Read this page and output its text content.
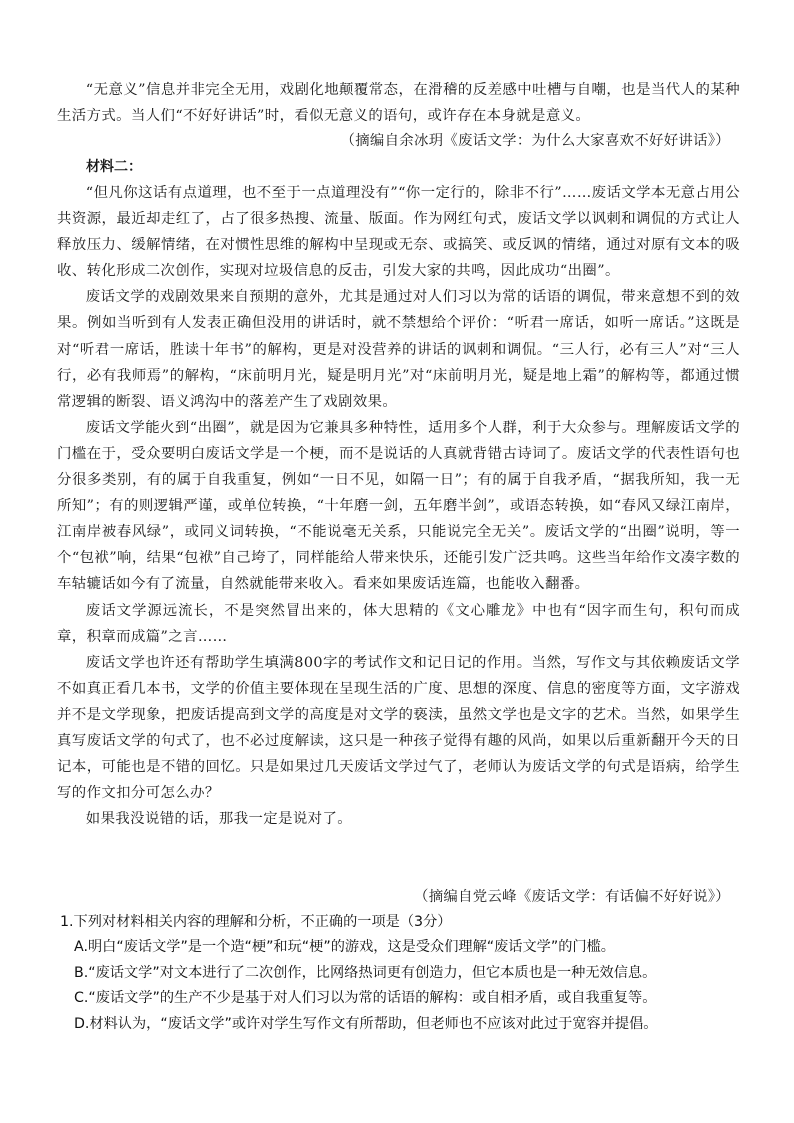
“无意义”信息并非完全无用，戏剧化地颠覆常态，在滑稽的反差感中吐槽与自嘲，也是当代人的某种生活方式。当人们“不好好讲话”时，看似无意义的语句，或许存在本身就是意义。

（摘编自余冰玥《废话文学：为什么大家喜欢不好好讲话》）

材料二：

“但凡你这话有点道理，也不至于一点道理没有”“你一定行的，除非不行”……废话文学本无意占用公共资源，最近却走红了，占了很多热搜、流量、版面。作为网红句式，废话文学以讽刺和调侃的方式让人释放压力、缓解情绪，在对惯性思维的解构中呈现或无奈、或搞笑、或反讽的情绪，通过对原有文本的吸收、转化形成二次创作，实现对垃圾信息的反击，引发大家的共鸣，因此成功“出圈”。

废话文学的戏剧效果来自预期的意外，尤其是通过对人们习以为常的话语的调侃，带来意想不到的效果。例如当听到有人发表正确但没用的讲话时，就不禁想给个评价：“听君一席话，如听一席话。”这既是对“听君一席话，胜读十年书”的解构，更是对没营养的讲话的讽刺和调侃。“三人行，必有三人”对“三人行，必有我师焉”的解构，“床前明月光，疑是明月光”对“床前明月光，疑是地上霜”的解构等，都通过惯常逻辑的断裂、语义鸿沟中的落差产生了戏剧效果。

废话文学能火到“出圈”，就是因为它兼具多种特性，适用多个人群，利于大众参与。理解废话文学的门槛在于，受众要明白废话文学是一个梗，而不是说话的人真就背错古诗词了。废话文学的代表性语句也分很多类别，有的属于自我重复，例如“一日不见，如隔一日”；有的属于自我矛盾，“据我所知，我一无所知”；有的则逻辑严谨，或单位转换，“十年磨一剑，五年磨半剑”，或语态转换，如“春风又绿江南岸，江南岸被春风绿”，或同义词转换，“不能说毫无关系，只能说完全无关”。废话文学的“出圈”说明，等一个“包袱”响，结果“包袱”自己垮了，同样能给人带来快乐，还能引发广泛共鸣。这些当年给作文凑字数的车轱辘话如今有了流量，自然就能带来收入。看来如果废话连篇，也能收入翻番。

废话文学源远流长，不是突然冒出来的，体大思精的《文心雕龙》中也有“因字而生句，积句而成章，积章而成篇”之言……

废话文学也许还有帮助学生填满800字的考试作文和记日记的作用。当然，写作文与其依赖废话文学不如真正看几本书，文学的价值主要体现在呈现生活的广度、思想的深度、信息的密度等方面，文字游戏并不是文学现象，把废话提高到文学的高度是对文学的亵渎，虽然文学也是文字的艺术。当然，如果学生真写废话文学的句式了，也不必过度解读，这只是一种孩子觉得有趣的风尚，如果以后重新翻开今天的日记本，可能也是不错的回忆。只是如果过几天废话文学过气了，老师认为废话文学的句式是语病，给学生写的作文扣分可怎么办？

如果我没说错的话，那我一定是说对了。

（摘编自党云峰《废话文学：有话偏不好好说》）

1.下列对材料相关内容的理解和分析，不正确的一项是（3分）

A.明白“废话文学”是一个造“梗”和玩“梗”的游戏，这是受众们理解“废话文学”的门槛。

B.“废话文学”对文本进行了二次创作，比网络热词更有创造力，但它本质也是一种无效信息。

C.“废话文学”的生产不少是基于对人们习以为常的话语的解构：或自相矛盾，或自我重复等。

D.材料认为，“废话文学”或许对学生写作文有所帮助，但老师也不应该对此过于宽容并提倡。
